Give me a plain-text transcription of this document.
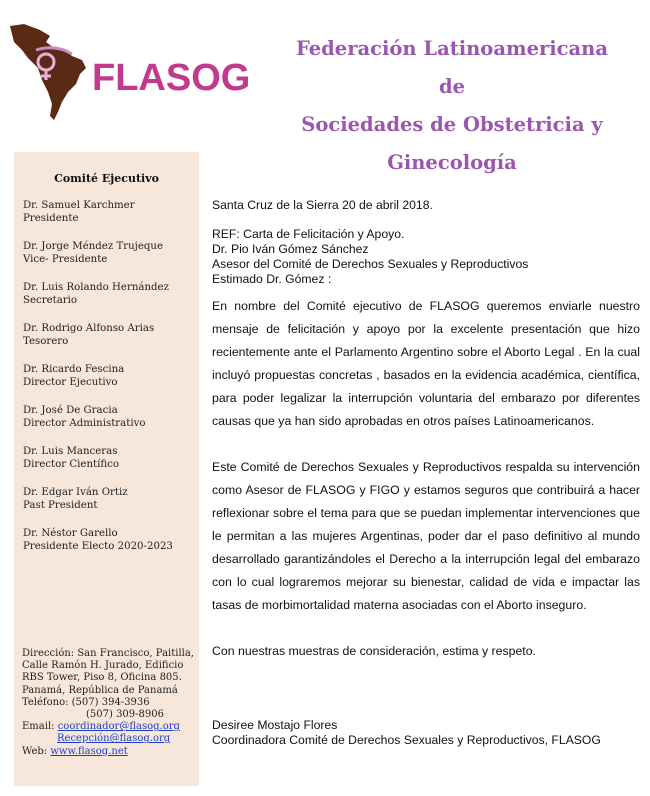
FLASOG
Federación Latinoamericana de
Sociedades de Obstetricia y
Ginecología
Comité Ejecutivo
Dr. Samuel Karchmer
Presidente
Dr. Jorge Méndez Trujeque
Vice- Presidente
Dr. Luis Rolando Hernández
Secretario
Dr. Rodrigo Alfonso Arias
Tesorero
Dr. Ricardo Fescina
Director Ejecutivo
Dr. José De Gracia
Director Administrativo
Dr. Luis Manceras
Director Científico
Dr. Edgar Iván Ortiz
Past President
Dr. Néstor Garello
Presidente Electo 2020-2023
Dirección: San Francisco, Paitilla,
Calle Ramón H. Jurado, Edificio
RBS Tower, Piso 8, Oficina 805.
Panamá, República de Panamá
Teléfono: (507) 394-3936
(507) 309-8906
Email: coordinador@flasog.org
Recepción@flasog.org
Web: www.flasog.net
Santa Cruz de la Sierra 20 de abril 2018.
REF: Carta de Felicitación y Apoyo.
Dr. Pio Iván Gómez Sánchez
Asesor del Comité de Derechos Sexuales y Reproductivos
Estimado Dr. Gómez :
En nombre del Comité ejecutivo de FLASOG queremos enviarle nuestro mensaje de felicitación y apoyo por la excelente presentación que hizo recientemente ante el Parlamento Argentino sobre el Aborto Legal . En la cual incluyó propuestas concretas , basados en la evidencia académica, científica, para poder legalizar la interrupción voluntaria del embarazo por diferentes causas que ya han sido aprobadas en otros países Latinoamericanos.
Este Comité de Derechos Sexuales y Reproductivos respalda su intervención como Asesor de FLASOG y FIGO y estamos seguros que contribuirá a hacer reflexionar sobre el tema para que se puedan implementar intervenciones que le permitan a las mujeres Argentinas, poder dar el paso definitivo al mundo desarrollado garantizándoles el Derecho a la interrupción legal del embarazo con lo cual lograremos mejorar su bienestar, calidad de vida e impactar las tasas de morbimortalidad materna asociadas con el Aborto inseguro.
Con nuestras muestras de consideración, estima y respeto.
Desiree Mostajo Flores
Coordinadora Comité de Derechos Sexuales y Reproductivos, FLASOG
